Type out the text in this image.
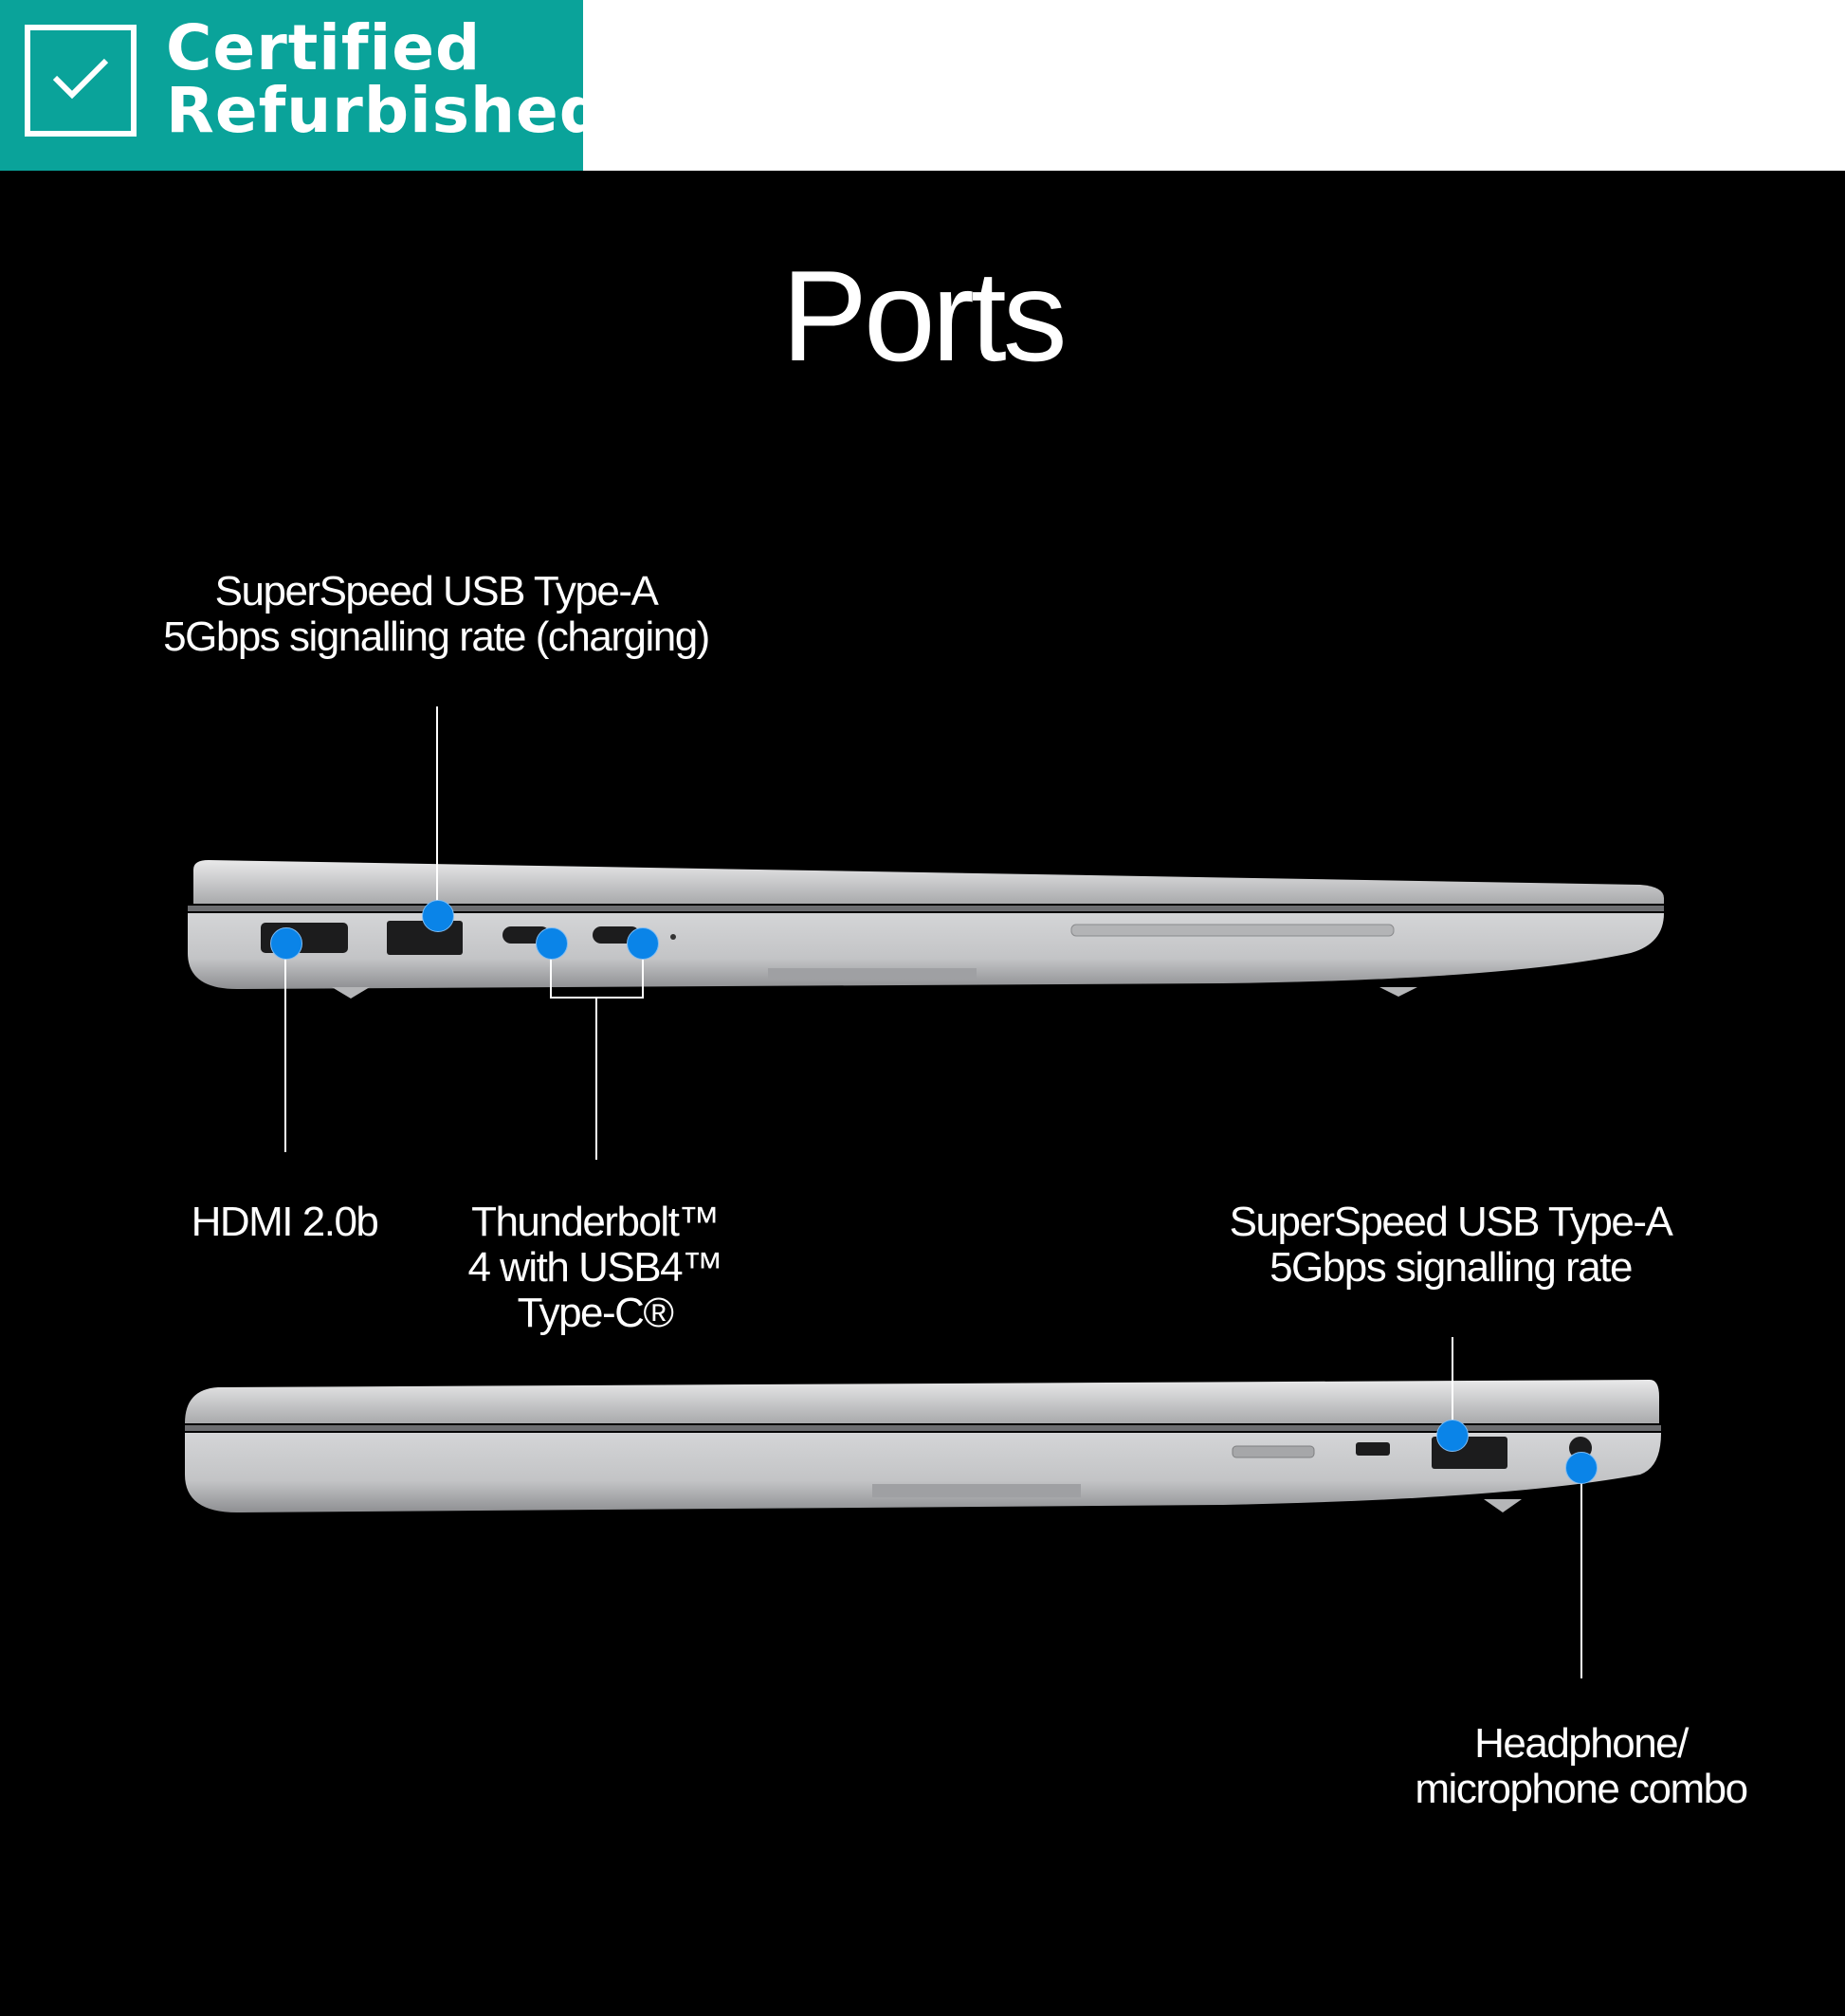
Certified
Refurbished
Ports
SuperSpeed USB Type-A
5Gbps signalling rate (charging)
HDMI 2.0b	Thunderbolt™
4 with USB4™
Type-C®
SuperSpeed USB Type-A
5Gbps signalling rate
Headphone/
microphone combo
